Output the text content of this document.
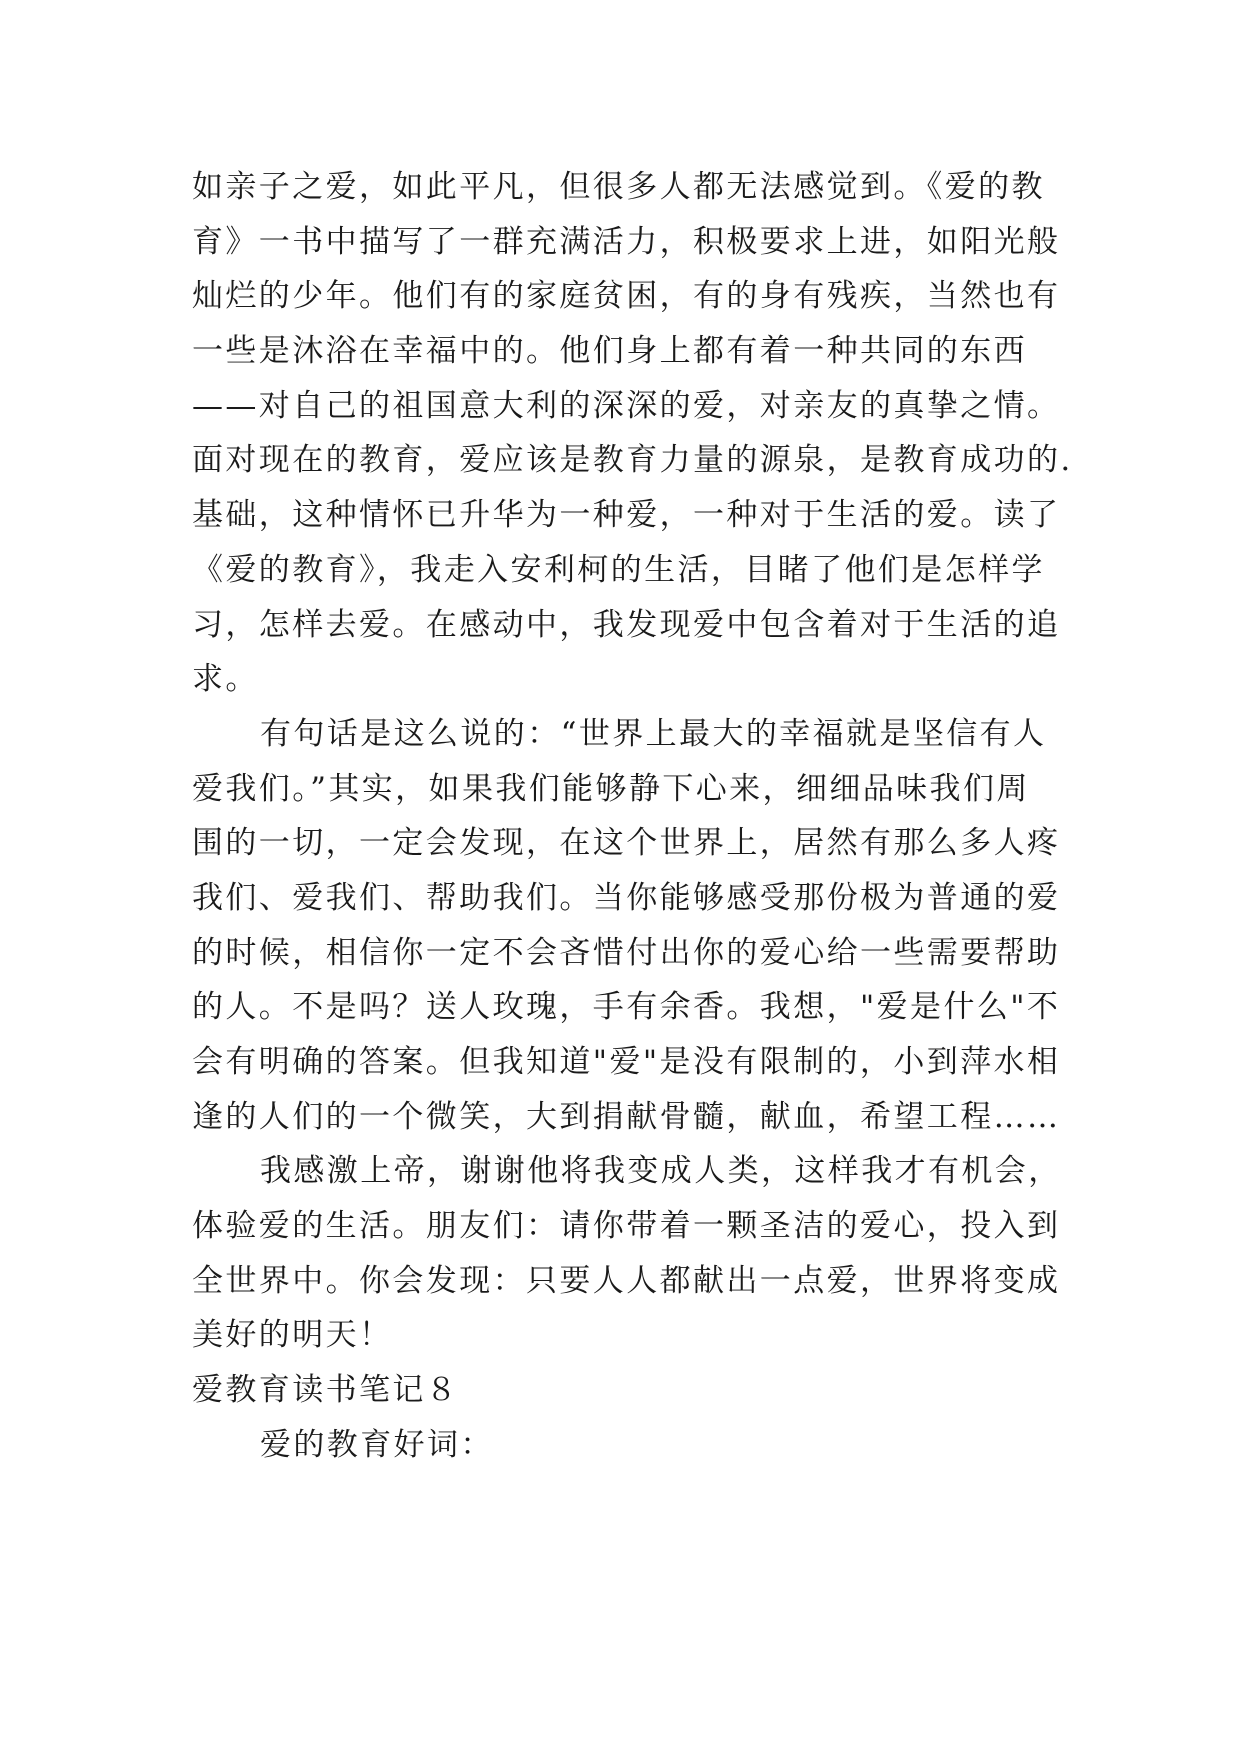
如亲子之爱，如此平凡，但很多人都无法感觉到。《爱的教
育》一书中描写了一群充满活力，积极要求上进，如阳光般
灿烂的少年。他们有的家庭贫困，有的身有残疾，当然也有
一些是沐浴在幸福中的。他们身上都有着一种共同的东西
——对自己的祖国意大利的深深的爱，对亲友的真挚之情。
面对现在的教育，爱应该是教育力量的源泉，是教育成功的.
基础，这种情怀已升华为一种爱，一种对于生活的爱。读了
《爱的教育》，我走入安利柯的生活，目睹了他们是怎样学
习，怎样去爱。在感动中，我发现爱中包含着对于生活的追
求。
有句话是这么说的：“世界上最大的幸福就是坚信有人
爱我们。”其实，如果我们能够静下心来，细细品味我们周
围的一切，一定会发现，在这个世界上，居然有那么多人疼
我们、爱我们、帮助我们。当你能够感受那份极为普通的爱
的时候，相信你一定不会吝惜付出你的爱心给一些需要帮助
的人。不是吗？送人玫瑰，手有余香。我想，"爱是什么"不
会有明确的答案。但我知道"爱"是没有限制的，小到萍水相
逢的人们的一个微笑，大到捐献骨髓，献血，希望工程……
我感激上帝，谢谢他将我变成人类，这样我才有机会，
体验爱的生活。朋友们：请你带着一颗圣洁的爱心，投入到
全世界中。你会发现：只要人人都献出一点爱，世界将变成
美好的明天！
爱教育读书笔记８
爱的教育好词：
